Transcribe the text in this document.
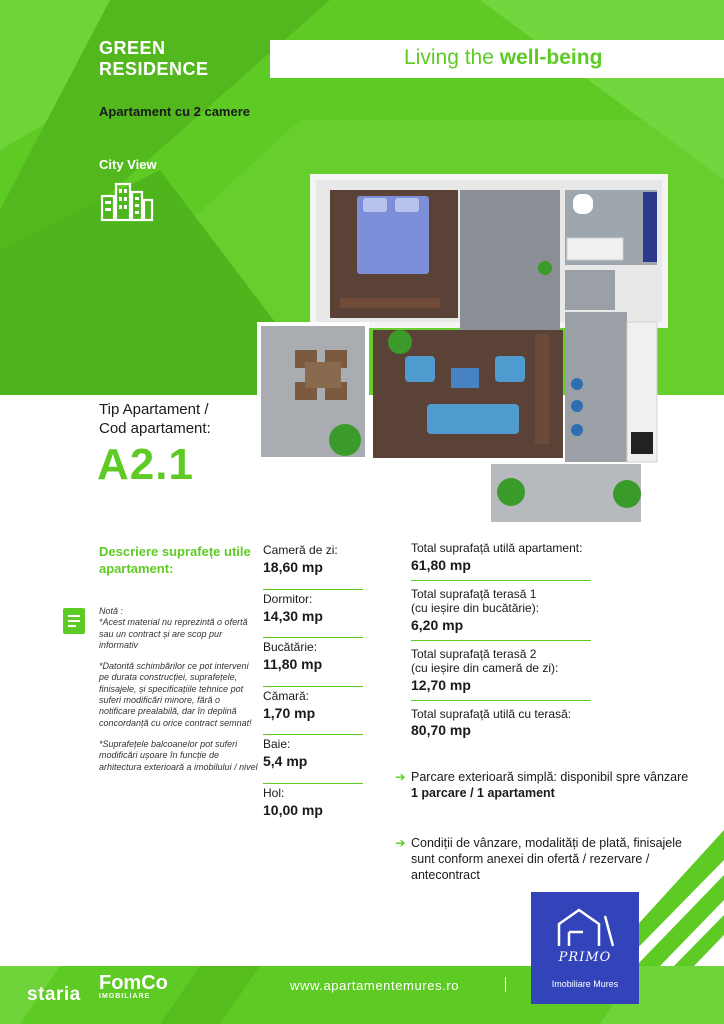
GREEN
RESIDENCE	Living the well-being
Apartament cu 2 camere
City View
Tip Apartament /
Cod apartament:
A2.1
Descriere suprafețe utile apartament:

Notă :
*Acest material nu reprezintă o ofertă sau un contract și are scop pur informativ

*Datorită schimbărilor ce pot interveni pe durata construcției, suprafețele, finisajele, și specificațiile tehnice pot suferi modificări minore, fără o notificare prealabilă, dar în deplină concordanță cu orice contract semnat!

*Suprafețele balcoanelor pot suferi modificări ușoare în funcție de arhitectura exterioară a imobilului / nivel

Cameră de zi:
18,60 mp
Dormitor:
14,30 mp
Bucătărie:
11,80 mp
Cămară:
1,70 mp
Baie:
5,4 mp
Hol:
10,00 mp
Total suprafață utilă apartament:
61,80 mp
Total suprafață terasă 1
(cu ieșire din bucătărie):
6,20 mp
Total suprafață terasă 2
(cu ieșire din cameră de zi):
12,70 mp
Total suprafață utilă cu terasă:
80,70 mp
➔ Parcare exterioară simplă: disponibil spre vânzare
1 parcare / 1 apartament
➔ Condiții de vânzare, modalități de plată, finisajele sunt conform anexei din ofertă / rezervare / antecontract
staria
FomCo
IMOBILIARE
www.apartamentemures.ro
PRIMO
Imobiliare Mures
